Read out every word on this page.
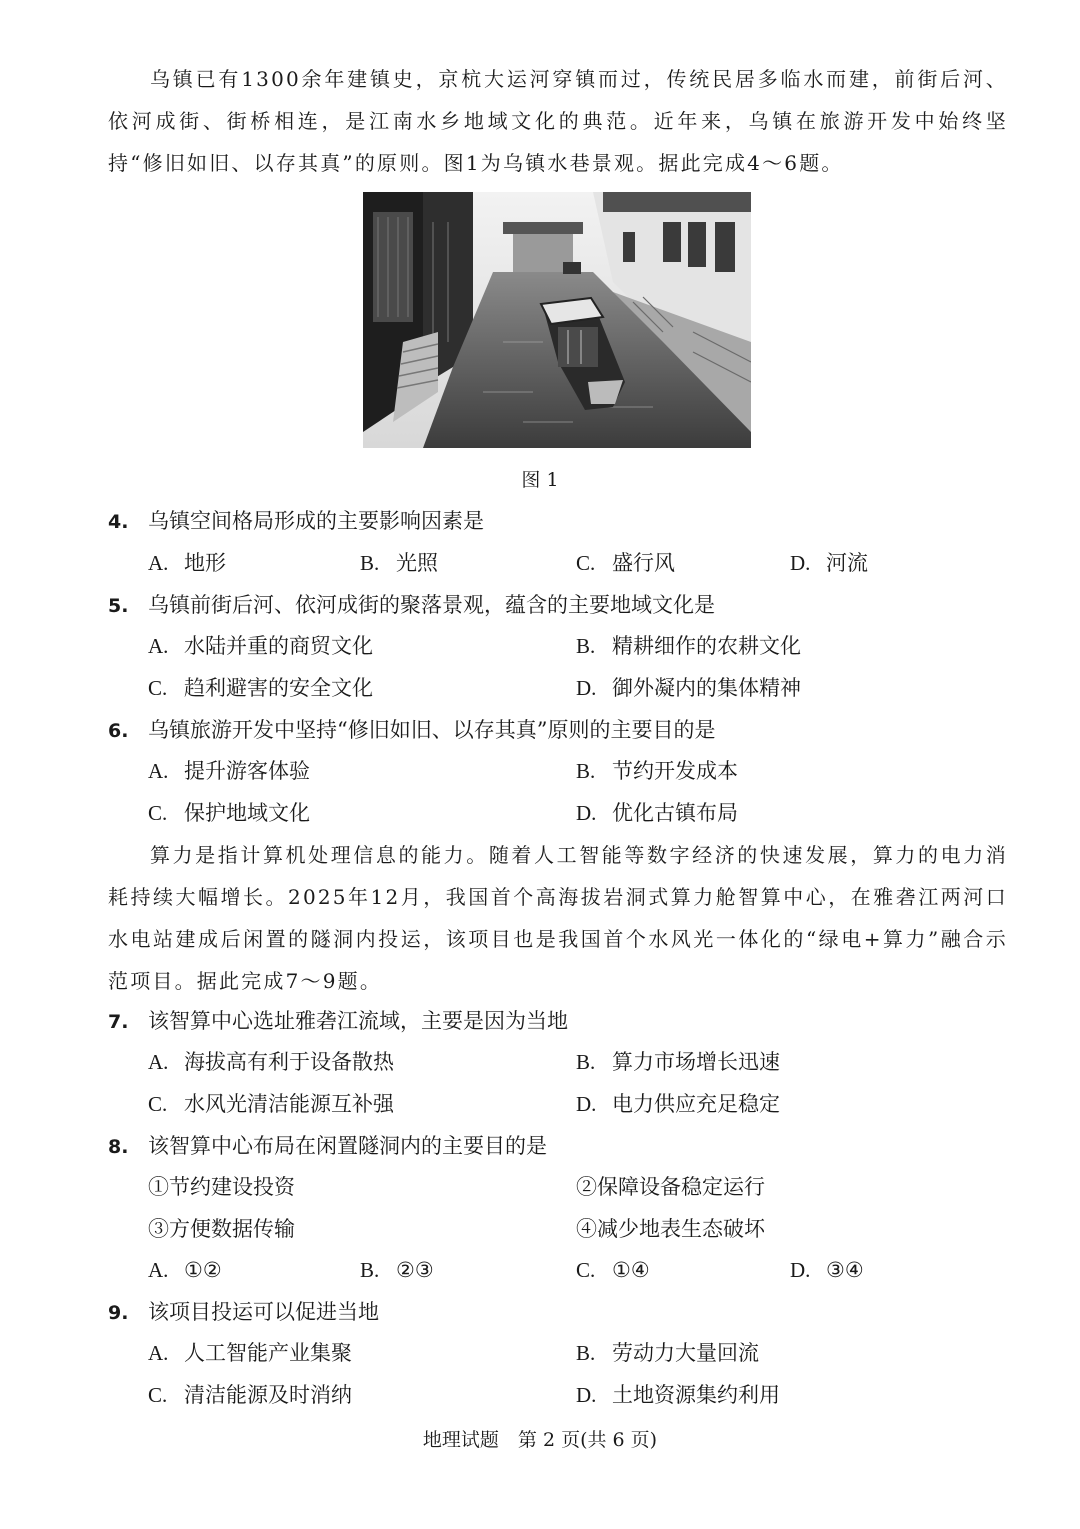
乌镇已有1300余年建镇史，京杭大运河穿镇而过，传统民居多临水而建，前街后河、依河成街、街桥相连，是江南水乡地域文化的典范。近年来，乌镇在旅游开发中始终坚持“修旧如旧、以存其真”的原则。图1为乌镇水巷景观。据此完成4～6题。

图 1
4. 乌镇空间格局形成的主要影响因素是
A. 地形	B. 光照	C. 盛行风	D. 河流
5. 乌镇前街后河、依河成街的聚落景观，蕴含的主要地域文化是
A. 水陆并重的商贸文化	B. 精耕细作的农耕文化
C. 趋利避害的安全文化	D. 御外凝内的集体精神
6. 乌镇旅游开发中坚持“修旧如旧、以存其真”原则的主要目的是
A. 提升游客体验	B. 节约开发成本
C. 保护地域文化	D. 优化古镇布局

算力是指计算机处理信息的能力。随着人工智能等数字经济的快速发展，算力的电力消耗持续大幅增长。2025年12月，我国首个高海拔岩洞式算力舱智算中心，在雅砻江两河口水电站建成后闲置的隧洞内投运，该项目也是我国首个水风光一体化的“绿电+算力”融合示范项目。据此完成7～9题。

7. 该智算中心选址雅砻江流域，主要是因为当地
A. 海拔高有利于设备散热	B. 算力市场增长迅速
C. 水风光清洁能源互补强	D. 电力供应充足稳定
8. 该智算中心布局在闲置隧洞内的主要目的是
①节约建设投资	②保障设备稳定运行
③方便数据传输	④减少地表生态破坏
A. ①②	B. ②③	C. ①④	D. ③④
9. 该项目投运可以促进当地
A. 人工智能产业集聚	B. 劳动力大量回流
C. 清洁能源及时消纳	D. 土地资源集约利用
地理试题　第 2 页(共 6 页)
